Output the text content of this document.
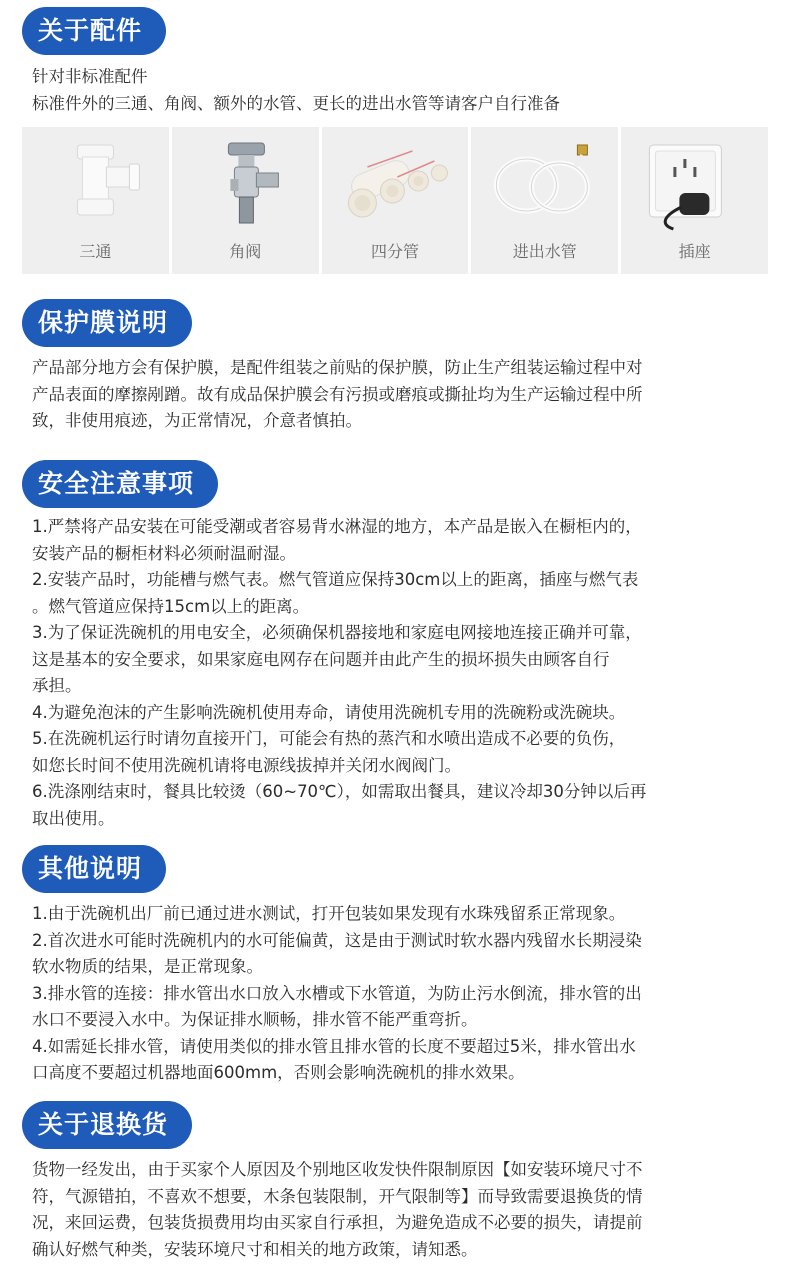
关于配件

针对非标准配件

标准件外的三通、角阀、额外的水管、更长的进出水管等请客户自行准备

三通	角阀	四分管	进出水管	插座
保护膜说明

产品部分地方会有保护膜，是配件组装之前贴的保护膜，防止生产组装运输过程中对

产品表面的摩擦剐蹭。故有成品保护膜会有污损或磨痕或撕扯均为生产运输过程中所

致，非使用痕迹，为正常情况，介意者慎拍。

安全注意事项

1.严禁将产品安装在可能受潮或者容易背水淋湿的地方，本产品是嵌入在橱柜内的，

安装产品的橱柜材料必须耐温耐湿。

2.安装产品时，功能槽与燃气表。燃气管道应保持30cm以上的距离，插座与燃气表

。燃气管道应保持15cm以上的距离。

3.为了保证洗碗机的用电安全，必须确保机器接地和家庭电网接地连接正确并可靠，

这是基本的安全要求，如果家庭电网存在问题并由此产生的损坏损失由顾客自行

承担。

4.为避免泡沫的产生影响洗碗机使用寿命，请使用洗碗机专用的洗碗粉或洗碗块。

5.在洗碗机运行时请勿直接开门，可能会有热的蒸汽和水喷出造成不必要的负伤，

如您长时间不使用洗碗机请将电源线拔掉并关闭水阀阀门。

6.洗涤刚结束时，餐具比较烫（60~70℃），如需取出餐具，建议冷却30分钟以后再

取出使用。

其他说明

1.由于洗碗机出厂前已通过进水测试，打开包装如果发现有水珠残留系正常现象。

2.首次进水可能时洗碗机内的水可能偏黄，这是由于测试时软水器内残留水长期浸染

软水物质的结果，是正常现象。

3.排水管的连接：排水管出水口放入水槽或下水管道，为防止污水倒流，排水管的出

水口不要浸入水中。为保证排水顺畅，排水管不能严重弯折。

4.如需延长排水管，请使用类似的排水管且排水管的长度不要超过5米，排水管出水

口高度不要超过机器地面600mm，否则会影响洗碗机的排水效果。

关于退换货

货物一经发出，由于买家个人原因及个别地区收发快件限制原因【如安装环境尺寸不

符，气源错拍，不喜欢不想要，木条包装限制，开气限制等】而导致需要退换货的情

况，来回运费，包装货损费用均由买家自行承担，为避免造成不必要的损失，请提前

确认好燃气种类，安装环境尺寸和相关的地方政策，请知悉。
